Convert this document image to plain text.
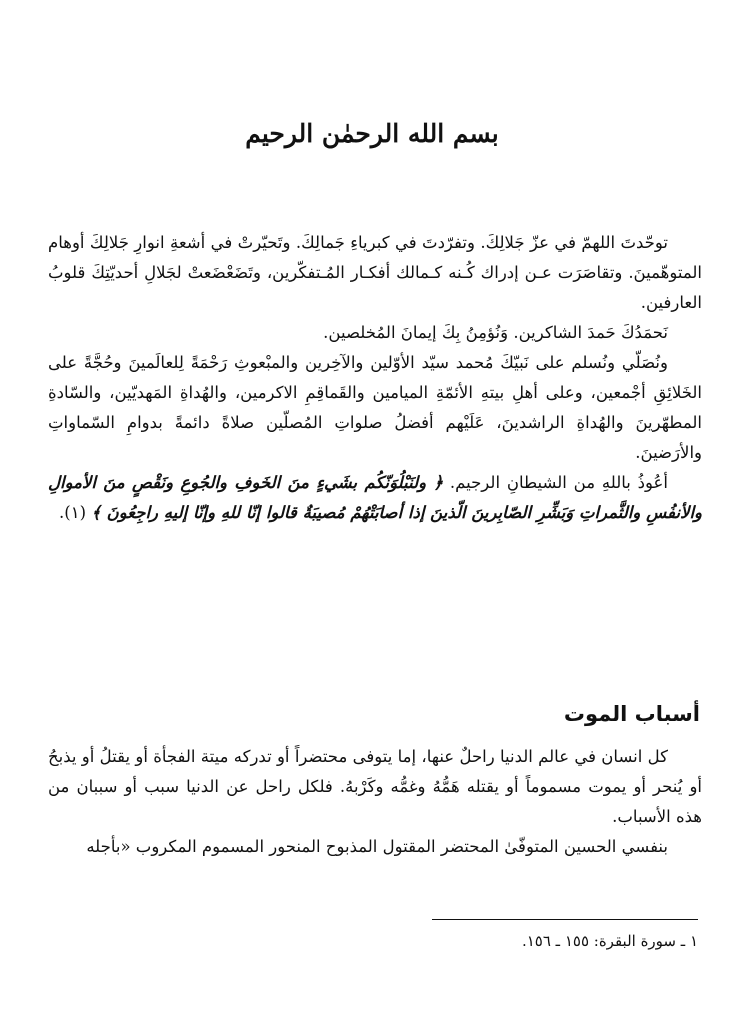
بسم الله الرحمٰن الرحيم

توحّدتَ اللهمّ في عزّ جَلالِكَ. وتفرّدتَ في كبرياءِ جَمالِكَ. وتَحيّرتْ في أشعةِ انوارِ جَلالِكَ أوهام المتوهّمينَ. وتقاصَرَت عـن إدراك كُـنه كـمالك أفكـار المُـتفكّرين، وتَضَعْضَعتْ لجَلالِ أحديّتِكَ قلوبُ العارفين.

نَحمَدُكَ حَمدَ الشاكرين. وَنُؤمِنُ بِكَ إيمانَ المُخلصين.

ونُصَلّي ونُسلم على نَبيّكَ مُحمد سيّد الأوّلين والآخِرين والمبْعوثِ رَحْمَةً لِلعالَمينَ وحُجَّةً على الخَلائِقِ أجْمعين، وعلى أهلِ بيتهِ الأئمّةِ الميامين والقَماقِمِ الاكرمين، والهُداةِ المَهديّين، والسّادةِ المطهّرينَ والهُداةِ الراشدينَ، عَلَيْهم أفضلُ صلواتِ المُصلّين صلاةً دائمةً بدوامِ السّماواتِ والأرَضينَ.

أعُوذُ باللهِ من الشيطانِ الرجيم. ﴿ ولنَبْلُوَنّكُم بشَيءٍ منَ الخَوفِ والجُوعِ ونَقْصٍ منَ الأموالِ والأنفُسِ والثَّمراتِ وَبَشِّرِ الصّابِرينَ الّذينَ إذا أصابَتْهُمْ مُصيبَةٌ قالوا إنّا للهِ وإنّا إليهِ راجِعُونَ ﴾ (١).

أسباب الموت

كل انسان في عالم الدنيا راحلٌ عنها، إما يتوفى محتضراً أو تدركه ميتة الفجأة أو يقتلُ أو يذبحُ أو يُنحر أو يموت مسموماً أو يقتله هَمُّهُ وغمُّه وكَرْبهُ. فلكل راحل عن الدنيا سبب أو سببان من هذه الأسباب.

بنفسي الحسين المتوفّىٰ المحتضر المقتول المذبوح المنحور المسموم المكروب «بأجله

١ ـ سورة البقرة: ١٥٥ ـ ١٥٦.
